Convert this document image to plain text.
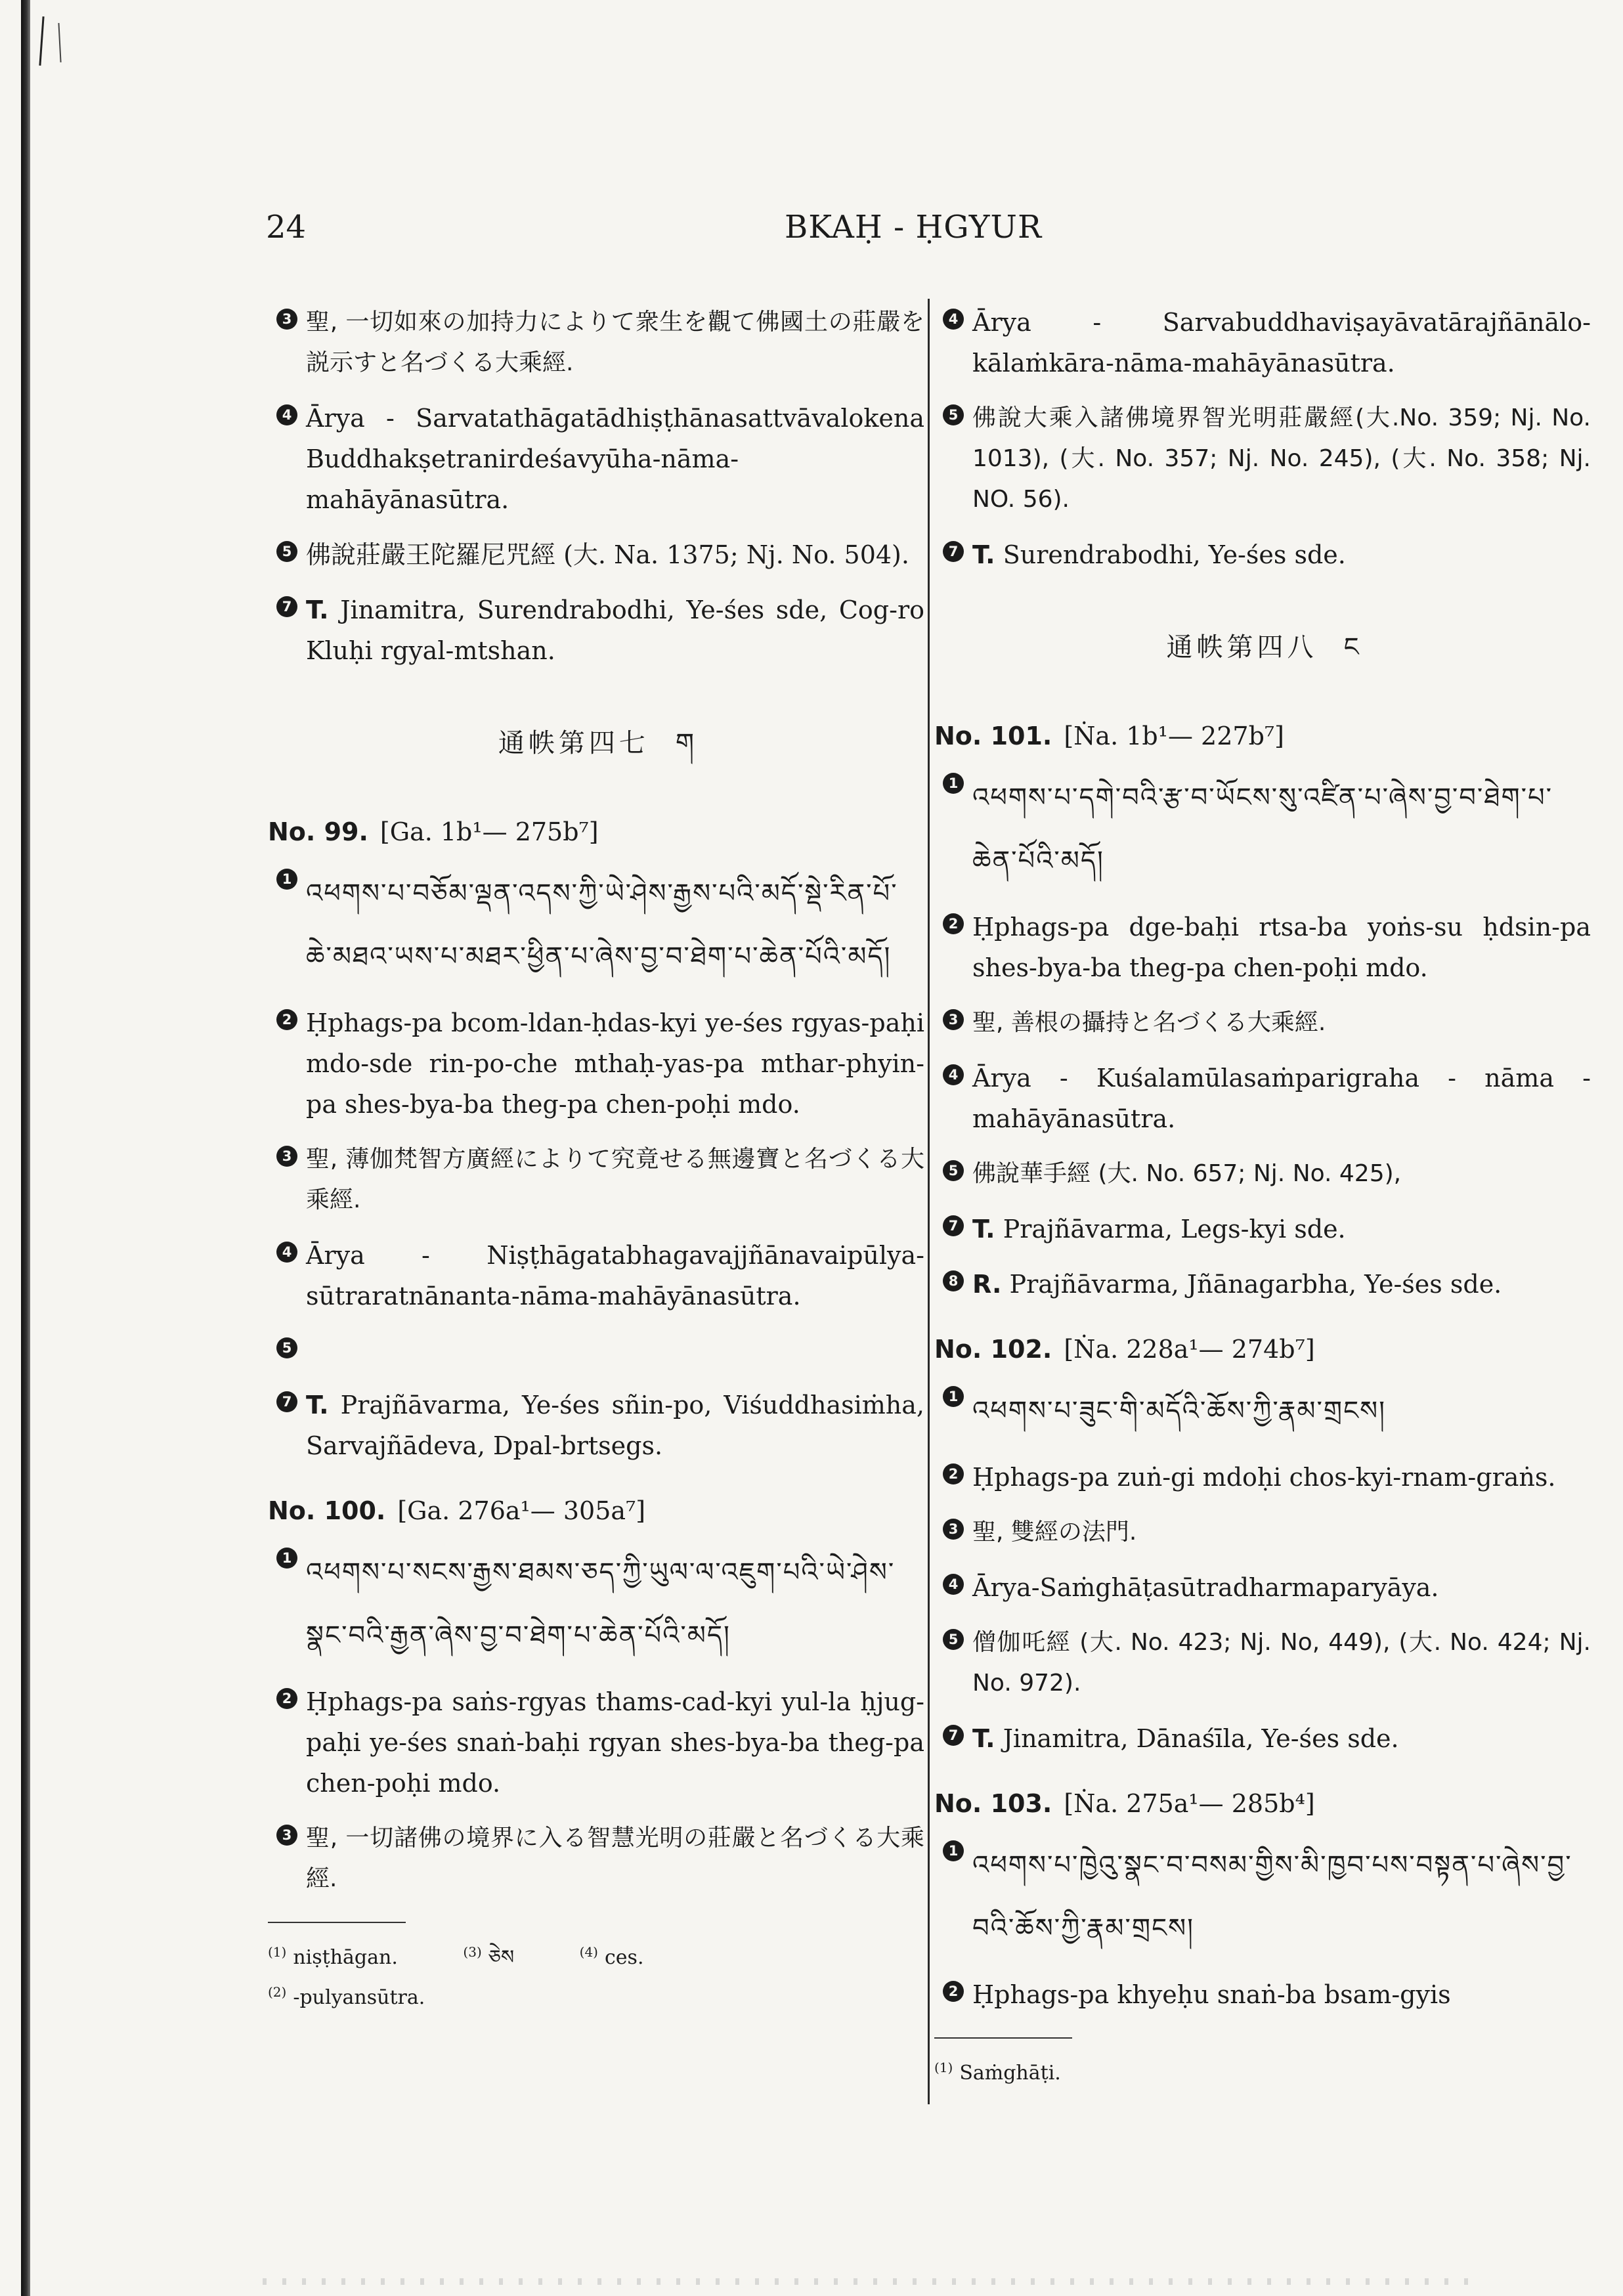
24	BKAḤ - ḤGYUR
3 聖, 一切如來の加持力によりて衆生を觀て佛國土の莊嚴を説示すと名づくる大乘經.
4 Ārya - Sarvatathāgatādhiṣṭhānasattvāvalokena Buddhakṣetranirdeśavyūha-nāma-mahāyānasūtra.
5 佛說莊嚴王陀羅尼咒經 (大. Na. 1375; Nj. No. 504).
7 T. Jinamitra, Surendrabodhi, Ye-śes sde, Cog-ro Kluḥi rgyal-mtshan.
通帙第四七 ག
No. 99. [Ga. 1b¹— 275b⁷]
1 འཕགས་པ་བཅོམ་ལྡན་འདས་ཀྱི་ཡེ་ཤེས་རྒྱས་པའི་མདོ་སྡེ་རིན་པོ་ཆེ་མཐའ་ཡས་པ་མཐར་ཕྱིན་པ་ཞེས་བྱ་བ་ཐེག་པ་ཆེན་པོའི་མདོ།
2 Ḥphags-pa bcom-ldan-ḥdas-kyi ye-śes rgyas-paḥi mdo-sde rin-po-che mthaḥ-yas-pa mthar-phyin-pa shes-bya-ba theg-pa chen-poḥi mdo.
3 聖, 薄伽梵智方廣經によりて究竟せる無邊寶と名づくる大乘經.
4 Ārya - Niṣṭhāgatabhagavajjñānavaipūlya-sūtraratnānanta-nāma-mahāyānasūtra.
5
7 T. Prajñāvarma, Ye-śes sñin-po, Viśuddhasiṁha, Sarvajñādeva, Dpal-brtsegs.
No. 100. [Ga. 276a¹— 305a⁷]
1 འཕགས་པ་སངས་རྒྱས་ཐམས་ཅད་ཀྱི་ཡུལ་ལ་འཇུག་པའི་ཡེ་ཤེས་སྣང་བའི་རྒྱན་ཞེས་བྱ་བ་ཐེག་པ་ཆེན་པོའི་མདོ།
2 Ḥphags-pa saṅs-rgyas thams-cad-kyi yul-la ḥjug-paḥi ye-śes snaṅ-baḥi rgyan shes-bya-ba theg-pa chen-poḥi mdo.
3 聖, 一切諸佛の境界に入る智慧光明の莊嚴と名づくる大乘經.
$^{(1)}$ niṣṭhāgan.	$^{(3)}$ ཅེས	$^{(4)}$ ces.
$^{(2)}$ -pulyansūtra.
4 Ārya - Sarvabuddhaviṣayāvatārajñānālo-kālaṁkāra-nāma-mahāyānasūtra.
5 佛說大乘入諸佛境界智光明莊嚴經(大.No. 359; Nj. No. 1013), (大. No. 357; Nj. No. 245), (大. No. 358; Nj. NO. 56).
7 T. Surendrabodhi, Ye-śes sde.
通帙第四八 ང
No. 101. [Ṅa. 1b¹— 227b⁷]
1 འཕགས་པ་དགེ་བའི་རྩ་བ་ཡོངས་སུ་འཛིན་པ་ཞེས་བྱ་བ་ཐེག་པ་ཆེན་པོའི་མདོ།
2 Ḥphags-pa dge-baḥi rtsa-ba yoṅs-su ḥdsin-pa shes-bya-ba theg-pa chen-poḥi mdo.
3 聖, 善根の攝持と名づくる大乘經.
4 Ārya - Kuśalamūlasaṁparigraha - nāma - mahāyānasūtra.
5 佛說華手經 (大. No. 657; Nj. No. 425),
7 T. Prajñāvarma, Legs-kyi sde.
8 R. Prajñāvarma, Jñānagarbha, Ye-śes sde.
No. 102. [Ṅa. 228a¹— 274b⁷]
1 འཕགས་པ་ཟུང་གི་མདོའི་ཆོས་ཀྱི་རྣམ་གྲངས།
2 Ḥphags-pa zuṅ-gi mdoḥi chos-kyi-rnam-graṅs.
3 聖, 雙經の法門.
4 Ārya-Saṁghāṭasūtradharmaparyāya.
5 僧伽吒經 (大. No. 423; Nj. No, 449), (大. No. 424; Nj. No. 972).
7 T. Jinamitra, Dānaśīla, Ye-śes sde.
No. 103. [Ṅa. 275a¹— 285b⁴]
1 འཕགས་པ་ཁྱེའུ་སྣང་བ་བསམ་གྱིས་མི་ཁྱབ་པས་བསྟན་པ་ཞེས་བྱ་བའི་ཆོས་ཀྱི་རྣམ་གྲངས།
2 Ḥphags-pa khyeḥu snaṅ-ba bsam-gyis
$^{(1)}$ Saṁghāṭi.
